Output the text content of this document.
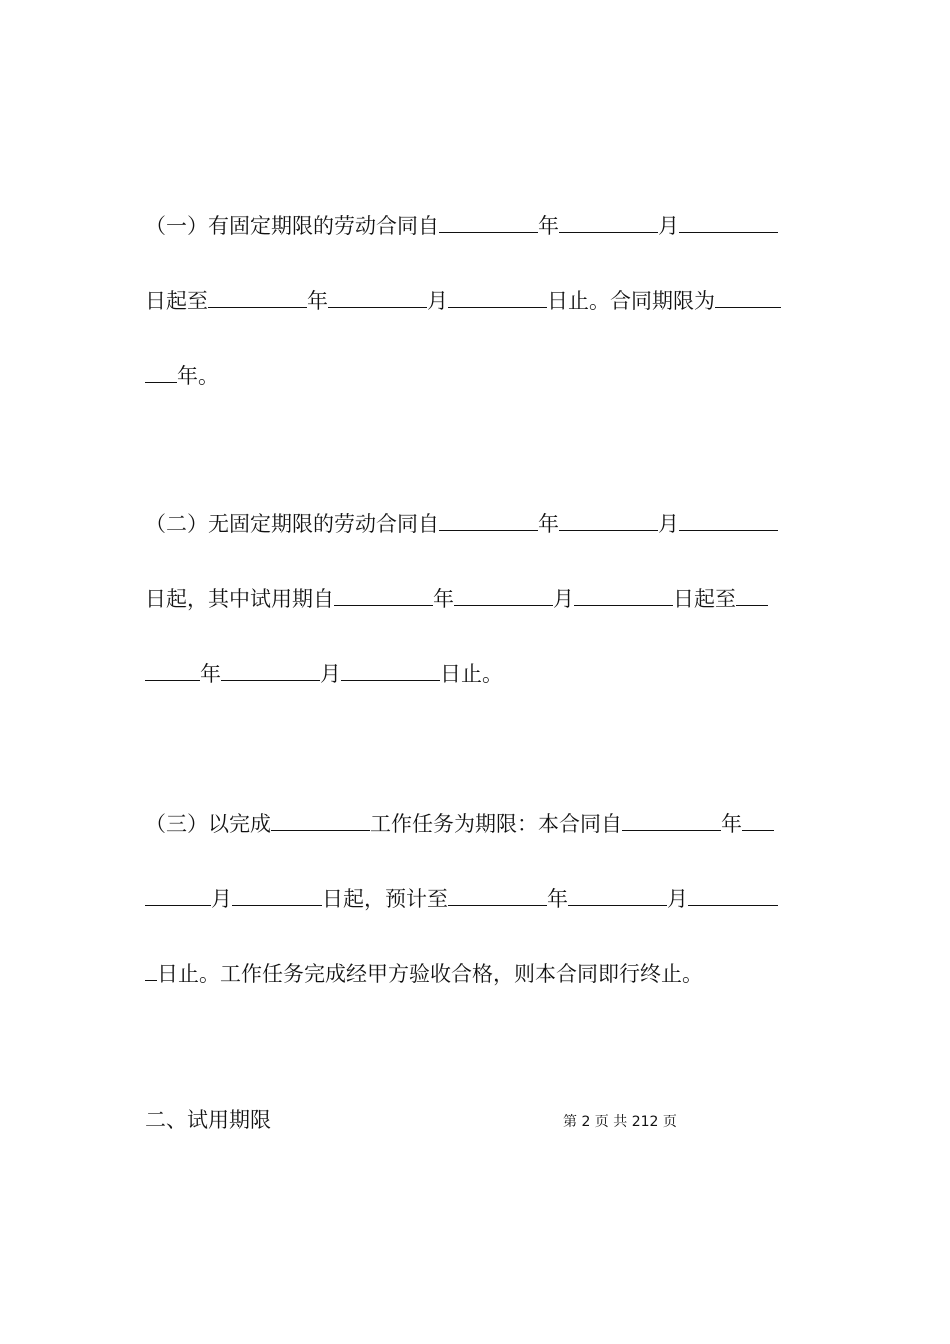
（一）有固定期限的劳动合同自	年	月
日起至	年	月	日止。合同期限为
年。
（二）无固定期限的劳动合同自	年	月
日起，其中试用期自	年	月	日起至
年	月	日止。
（三）以完成	工作任务为期限：本合同自	年
月	日起，预计至	年	月
日止。工作任务完成经甲方验收合格，则本合同即行终止。
二、试用期限	第 2 页 共 212 页
